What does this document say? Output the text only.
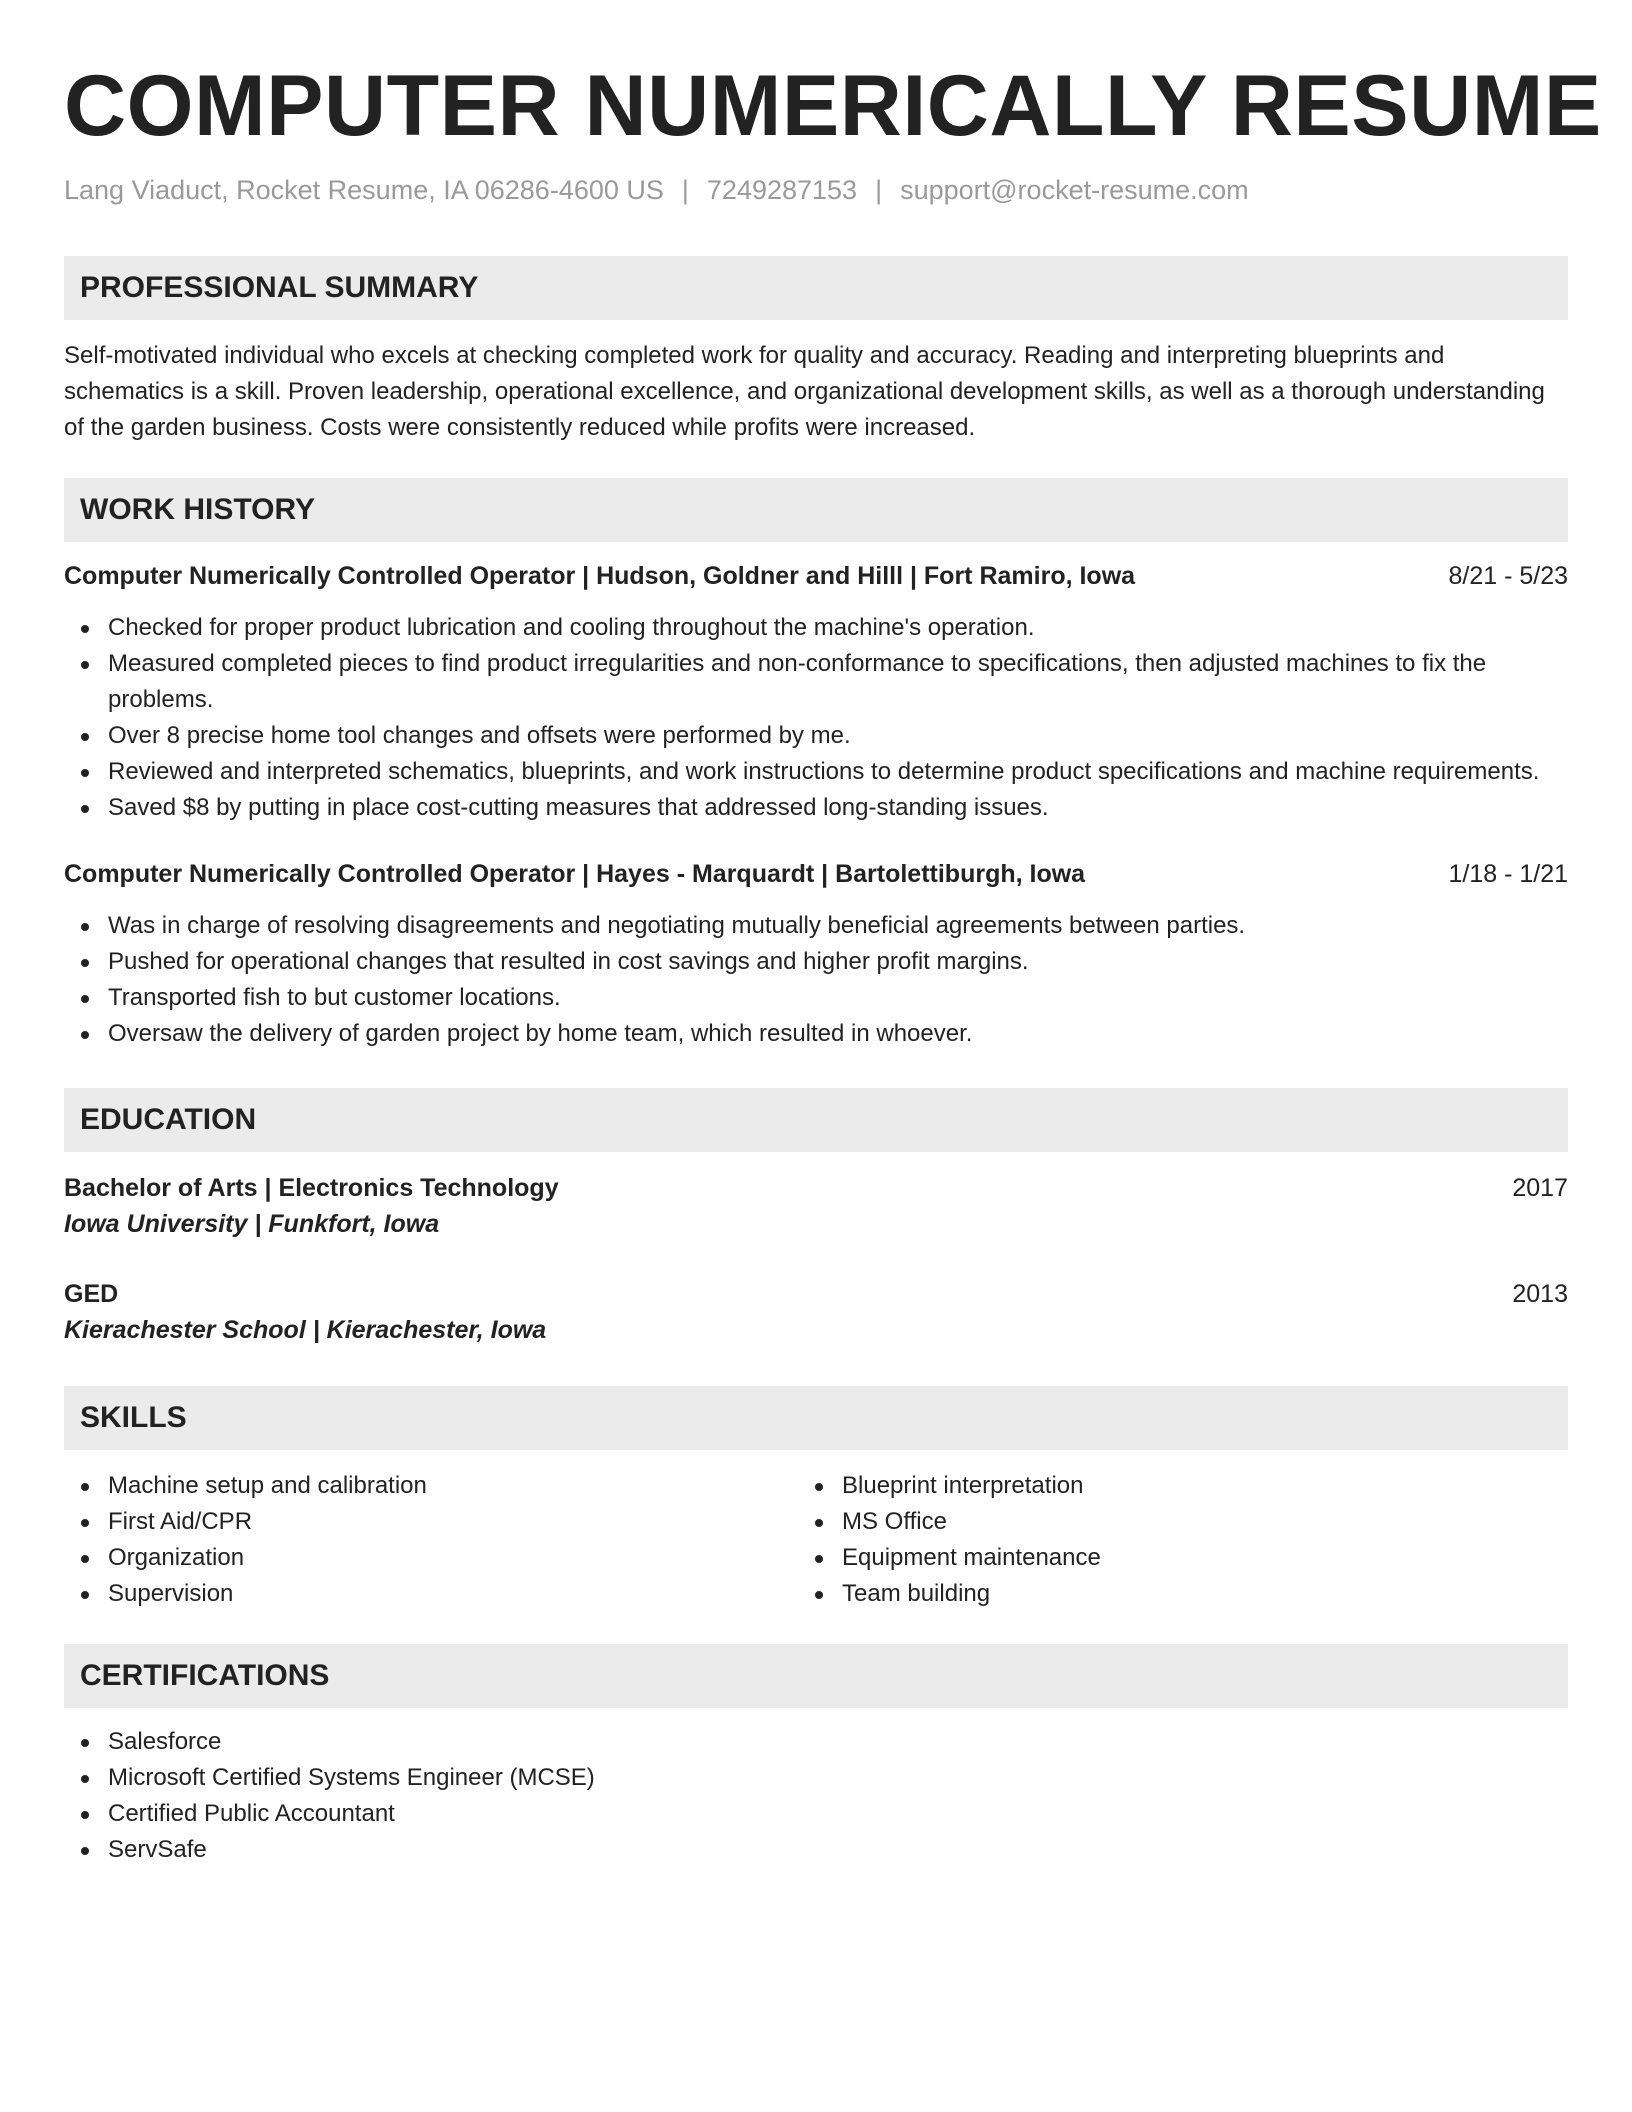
COMPUTER NUMERICALLY RESUME
Lang Viaduct, Rocket Resume, IA 06286-4600 US | 7249287153 | support@rocket-resume.com
PROFESSIONAL SUMMARY

Self-motivated individual who excels at checking completed work for quality and accuracy. Reading and interpreting blueprints and schematics is a skill. Proven leadership, operational excellence, and organizational development skills, as well as a thorough understanding of the garden business. Costs were consistently reduced while profits were increased.

WORK HISTORY
Computer Numerically Controlled Operator | Hudson, Goldner and Hilll | Fort Ramiro, Iowa	8/21 - 5/23
Checked for proper product lubrication and cooling throughout the machine's operation.
Measured completed pieces to find product irregularities and non-conformance to specifications, then adjusted machines to fix the problems.
Over 8 precise home tool changes and offsets were performed by me.
Reviewed and interpreted schematics, blueprints, and work instructions to determine product specifications and machine requirements.
Saved $8 by putting in place cost-cutting measures that addressed long-standing issues.
Computer Numerically Controlled Operator | Hayes - Marquardt | Bartolettiburgh, Iowa	1/18 - 1/21
Was in charge of resolving disagreements and negotiating mutually beneficial agreements between parties.
Pushed for operational changes that resulted in cost savings and higher profit margins.
Transported fish to but customer locations.
Oversaw the delivery of garden project by home team, which resulted in whoever.
EDUCATION
Bachelor of Arts | Electronics Technology	2017
Iowa University | Funkfort, Iowa
GED	2013
Kierachester School | Kierachester, Iowa
SKILLS
Machine setup and calibration
First Aid/CPR
Organization
Supervision
Blueprint interpretation
MS Office
Equipment maintenance
Team building
CERTIFICATIONS
Salesforce
Microsoft Certified Systems Engineer (MCSE)
Certified Public Accountant
ServSafe
